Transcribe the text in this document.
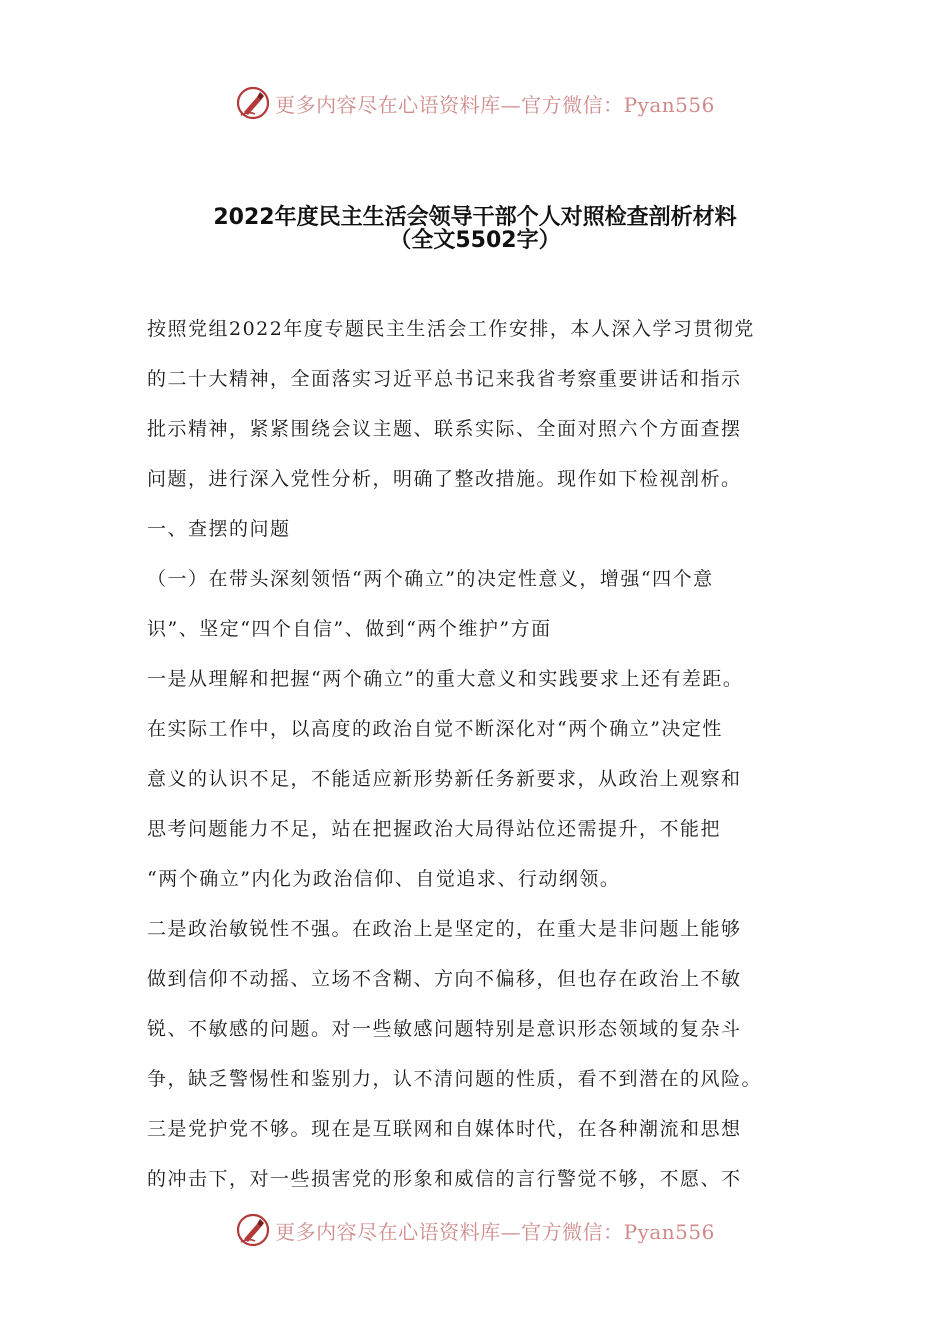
更多内容尽在心语资料库—官方微信：Pyan556
2022年度民主生活会领导干部个人对照检查剖析材料
（全文5502字）
按照党组2022年度专题民主生活会工作安排，本人深入学习贯彻党
的二十大精神，全面落实习近平总书记来我省考察重要讲话和指示
批示精神，紧紧围绕会议主题、联系实际、全面对照六个方面查摆
问题，进行深入党性分析，明确了整改措施。现作如下检视剖析。
一、查摆的问题
（一）在带头深刻领悟“两个确立”的决定性意义，增强“四个意
识”、坚定“四个自信”、做到“两个维护”方面
一是从理解和把握“两个确立”的重大意义和实践要求上还有差距。
在实际工作中，以高度的政治自觉不断深化对“两个确立”决定性
意义的认识不足，不能适应新形势新任务新要求，从政治上观察和
思考问题能力不足，站在把握政治大局得站位还需提升，不能把
“两个确立”内化为政治信仰、自觉追求、行动纲领。
二是政治敏锐性不强。在政治上是坚定的，在重大是非问题上能够
做到信仰不动摇、立场不含糊、方向不偏移，但也存在政治上不敏
锐、不敏感的问题。对一些敏感问题特别是意识形态领域的复杂斗
争，缺乏警惕性和鉴别力，认不清问题的性质，看不到潜在的风险。
三是党护党不够。现在是互联网和自媒体时代，在各种潮流和思想
的冲击下，对一些损害党的形象和威信的言行警觉不够，不愿、不
更多内容尽在心语资料库—官方微信：Pyan556
